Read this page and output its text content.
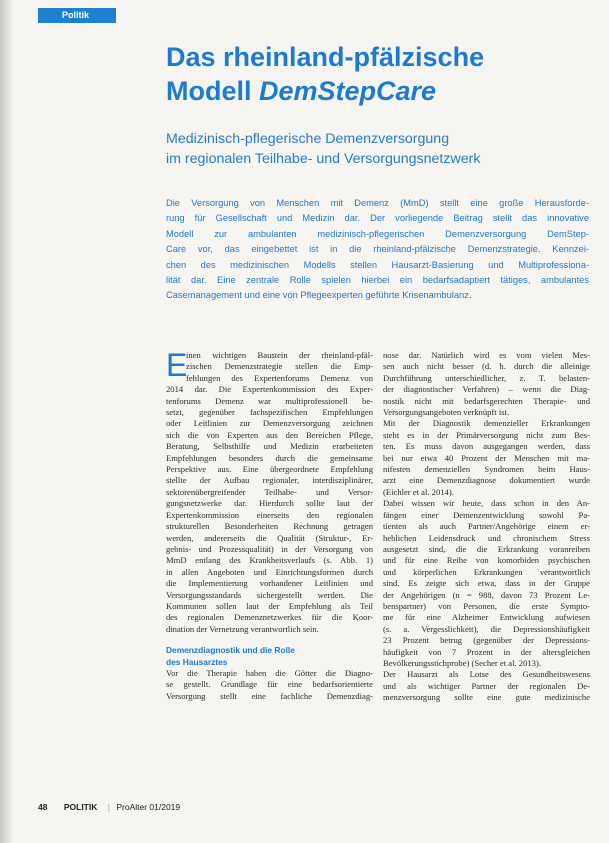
Politik
Das rheinland-pfälzische
Modell DemStepCare
Medizinisch-pflegerische Demenzversorgung
im regionalen Teilhabe- und Versorgungsnetzwerk
Die Versorgung von Menschen mit Demenz (MmD) stellt eine große Herausforde-
rung für Gesellschaft und Medizin dar. Der vorliegende Beitrag stellt das innovative
Modell zur ambulanten medizinisch-pflegerischen Demenzversorgung DemStep-
Care vor, das eingebettet ist in die rheinland-pfälzische Demenzstrategie. Kennzei-
chen des medizinischen Modells stellen Hausarzt-Basierung und Multiprofessiona-
lität dar. Eine zentrale Rolle spielen hierbei ein bedarfsadaptiert tätiges, ambulantes
Casemanagement und eine von Pflegeexperten geführte Krisenambulanz.
E
inen wichtigen Baustein der rheinland-pfäl-
zischen Demenzstrategie stellen die Emp-
fehlungen des Expertenforums Demenz von
2014 dar. Die Expertenkommission des Exper-
tenforums Demenz war multiprofessionell be-
setzt, gegenüber fachspezifischen Empfehlungen
oder Leitlinien zur Demenzversorgung zeichnen
sich die von Experten aus den Bereichen Pflege,
Beratung, Selbsthilfe und Medizin erarbeiteten
Empfehlungen besonders durch die gemeinsame
Perspektive aus. Eine übergeordnete Empfehlung
stellte der Aufbau regionaler, interdisziplinärer,
sektorenübergreifender Teilhabe- und Versor-
gungsnetzwerke dar. Hierdurch sollte laut der
Expertenkommission einerseits den regionalen
strukturellen Besonderheiten Rechnung getragen
werden, andererseits die Qualität (Struktur-, Er-
gebnis- und Prozessqualität) in der Versorgung von
MmD entlang des Krankheitsverlaufs (s. Abb. 1)
in allen Angeboten und Einrichtungsformen durch
die Implementierung vorhandener Leitlinien und
Versorgungsstandards sichergestellt werden. Die
Kommunen sollen laut der Empfehlung als Teil
des regionalen Demenznetzwerkes für die Koor-
dination der Vernetzung verantwortlich sein.
Demenzdiagnostik und die Rolle
des Hausarztes
Vor die Therapie haben die Götter die Diagno-
se gestellt. Grundlage für eine bedarfsorientierte
Versorgung stellt eine fachliche Demenzdiag-
nose dar. Natürlich wird es vom vielen Mes-
sen auch nicht besser (d. h. durch die alleinige
Durchführung unterschiedlicher, z. T. belasten-
der diagnostischer Verfahren) – wenn die Diag-
nostik nicht mit bedarfsgerechten Therapie- und
Versorgungsangeboten verknüpft ist.
Mit der Diagnostik demenzieller Erkrankungen
steht es in der Primärversorgung nicht zum Bes-
ten. Es muss davon ausgegangen werden, dass
bei nur etwa 40 Prozent der Menschen mit ma-
nifesten demenziellen Syndromen beim Haus-
arzt eine Demenzdiagnose dokumentiert wurde
(Eichler et al. 2014).
Dabei wissen wir heute, dass schon in den An-
fängen einer Demenzentwicklung sowohl Pa-
tienten als auch Partner/Angehörige einem er-
heblichen Leidensdruck und chronischem Stress
ausgesetzt sind, die die Erkrankung voranreiben
und für eine Reihe von komorbiden psychischen
und körperlichen Erkrankungen verantwortlich
sind. Es zeigte sich etwa, dass in der Gruppe
der Angehörigen (n = 988, davon 73 Prozent Le-
benspartner) von Personen, die erste Sympto-
me für eine Alzheimer Entwicklung aufwiesen
(s. a. Vergesslichkeit), die Depressionshäufigkeit
23 Prozent betrug (gegenüber der Depressions-
häufigkeit von 7 Prozent in der altersgleichen
Bevölkerungsstichprobe) (Secher et al. 2013).
Der Hausarzt als Lotse des Gesundheitswesens
und als wichtiger Partner der regionalen De-
menzversorgung sollte eine gute medizinische
48 POLITIK | ProAlter 01/2019
